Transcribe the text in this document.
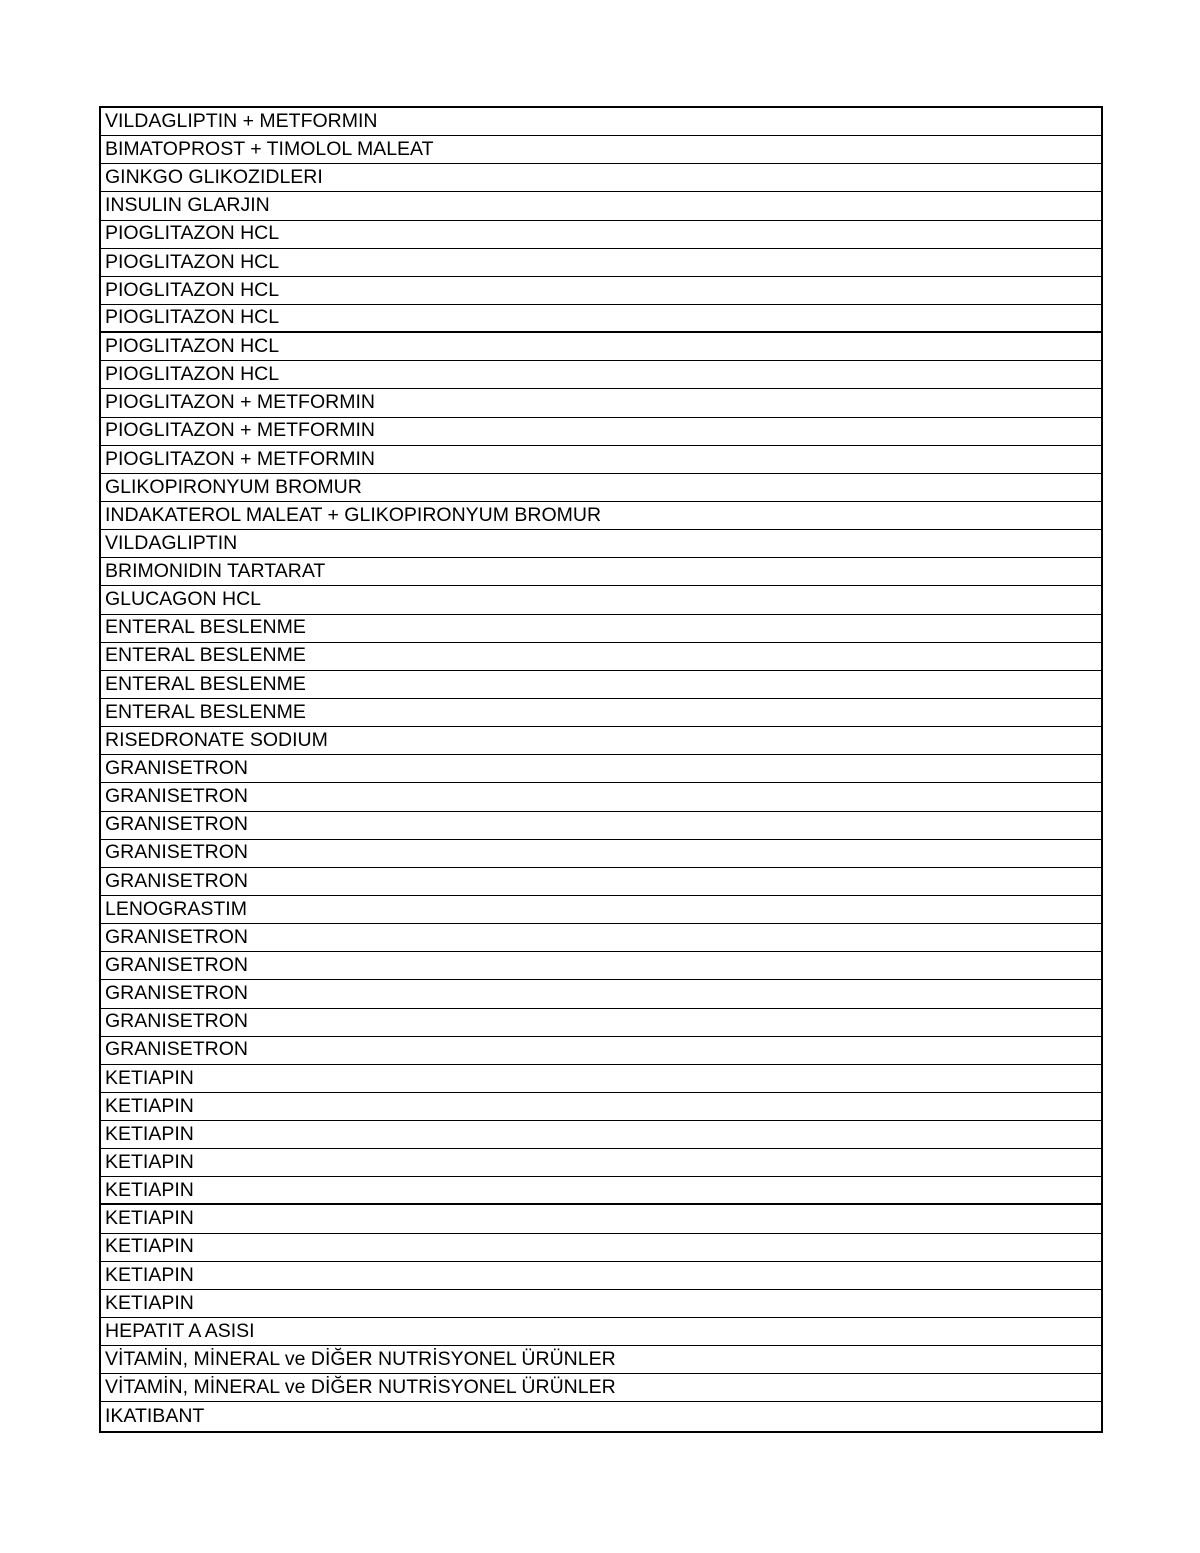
VILDAGLIPTIN + METFORMIN
BIMATOPROST + TIMOLOL MALEAT
GINKGO GLIKOZIDLERI
INSULIN GLARJIN
PIOGLITAZON HCL
PIOGLITAZON HCL
PIOGLITAZON HCL
PIOGLITAZON HCL
PIOGLITAZON HCL
PIOGLITAZON HCL
PIOGLITAZON + METFORMIN
PIOGLITAZON + METFORMIN
PIOGLITAZON + METFORMIN
GLIKOPIRONYUM BROMUR
INDAKATEROL MALEAT + GLIKOPIRONYUM BROMUR
VILDAGLIPTIN
BRIMONIDIN TARTARAT
GLUCAGON HCL
ENTERAL BESLENME
ENTERAL BESLENME
ENTERAL BESLENME
ENTERAL BESLENME
RISEDRONATE SODIUM
GRANISETRON
GRANISETRON
GRANISETRON
GRANISETRON
GRANISETRON
LENOGRASTIM
GRANISETRON
GRANISETRON
GRANISETRON
GRANISETRON
GRANISETRON
KETIAPIN
KETIAPIN
KETIAPIN
KETIAPIN
KETIAPIN
KETIAPIN
KETIAPIN
KETIAPIN
KETIAPIN
HEPATIT A ASISI
VİTAMİN, MİNERAL ve DİĞER NUTRİSYONEL ÜRÜNLER
VİTAMİN, MİNERAL ve DİĞER NUTRİSYONEL ÜRÜNLER
IKATIBANT
